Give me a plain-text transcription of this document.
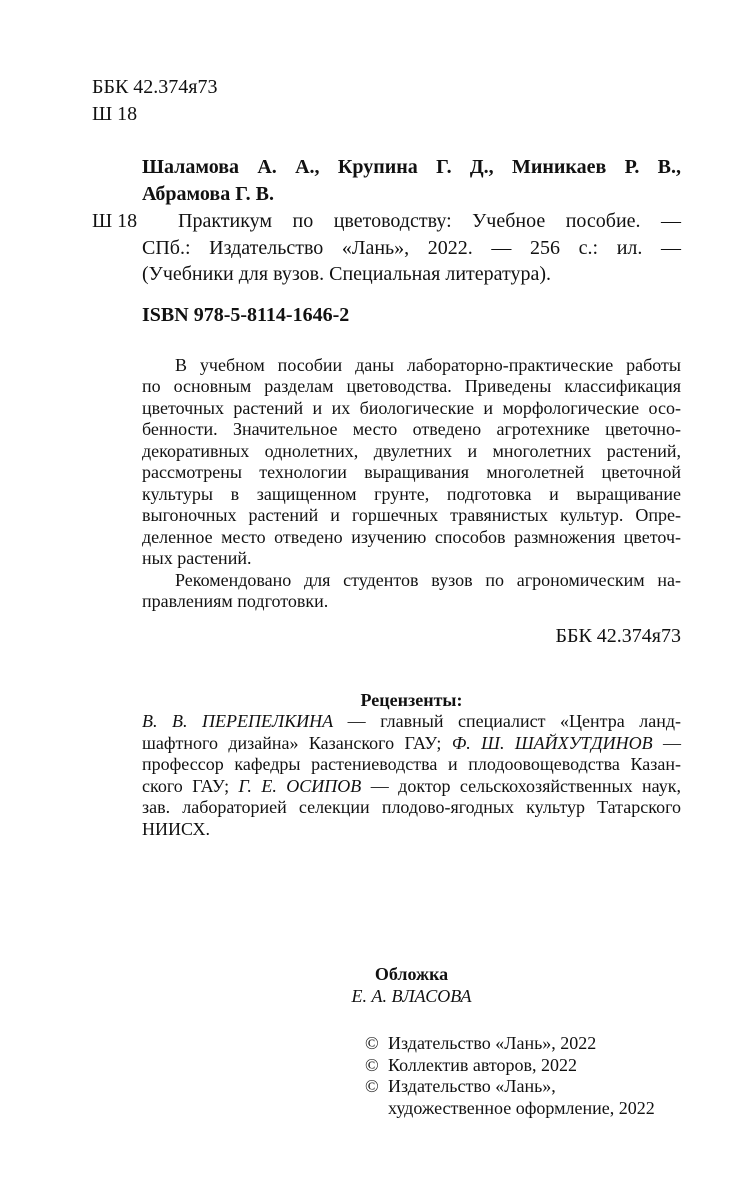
ББК 42.374я73
Ш 18
Шаламова А. А., Крупина Г. Д., Миникаев Р. В.,
Абрамова Г. В.
Ш 18	Практикум по цветоводству: Учебное пособие. —
СПб.: Издательство «Лань», 2022. — 256 с.: ил. —
(Учебники для вузов. Специальная литература).
ISBN 978-5-8114-1646-2
В учебном пособии даны лабораторно-практические работы
по основным разделам цветоводства. Приведены классификация
цветочных растений и их биологические и морфологические осо-
бенности. Значительное место отведено агротехнике цветочно-
декоративных однолетних, двулетних и многолетних растений,
рассмотрены технологии выращивания многолетней цветочной
культуры в защищенном грунте, подготовка и выращивание
выгоночных растений и горшечных травянистых культур. Опре-
деленное место отведено изучению способов размножения цветоч-
ных растений.
Рекомендовано для студентов вузов по агрономическим на-
правлениям подготовки.
ББК 42.374я73
Рецензенты:
В. В. ПЕРЕПЕЛКИНА — главный специалист «Центра ланд-
шафтного дизайна» Казанского ГАУ; Ф. Ш. ШАЙХУТДИНОВ —
профессор кафедры растениеводства и плодоовощеводства Казан-
ского ГАУ; Г. Е. ОСИПОВ — доктор сельскохозяйственных наук,
зав. лабораторией селекции плодово-ягодных культур Татарского
НИИСХ.
Обложка
Е. А. ВЛАСОВА
© Издательство «Лань», 2022
© Коллектив авторов, 2022
© Издательство «Лань»,
художественное оформление, 2022
